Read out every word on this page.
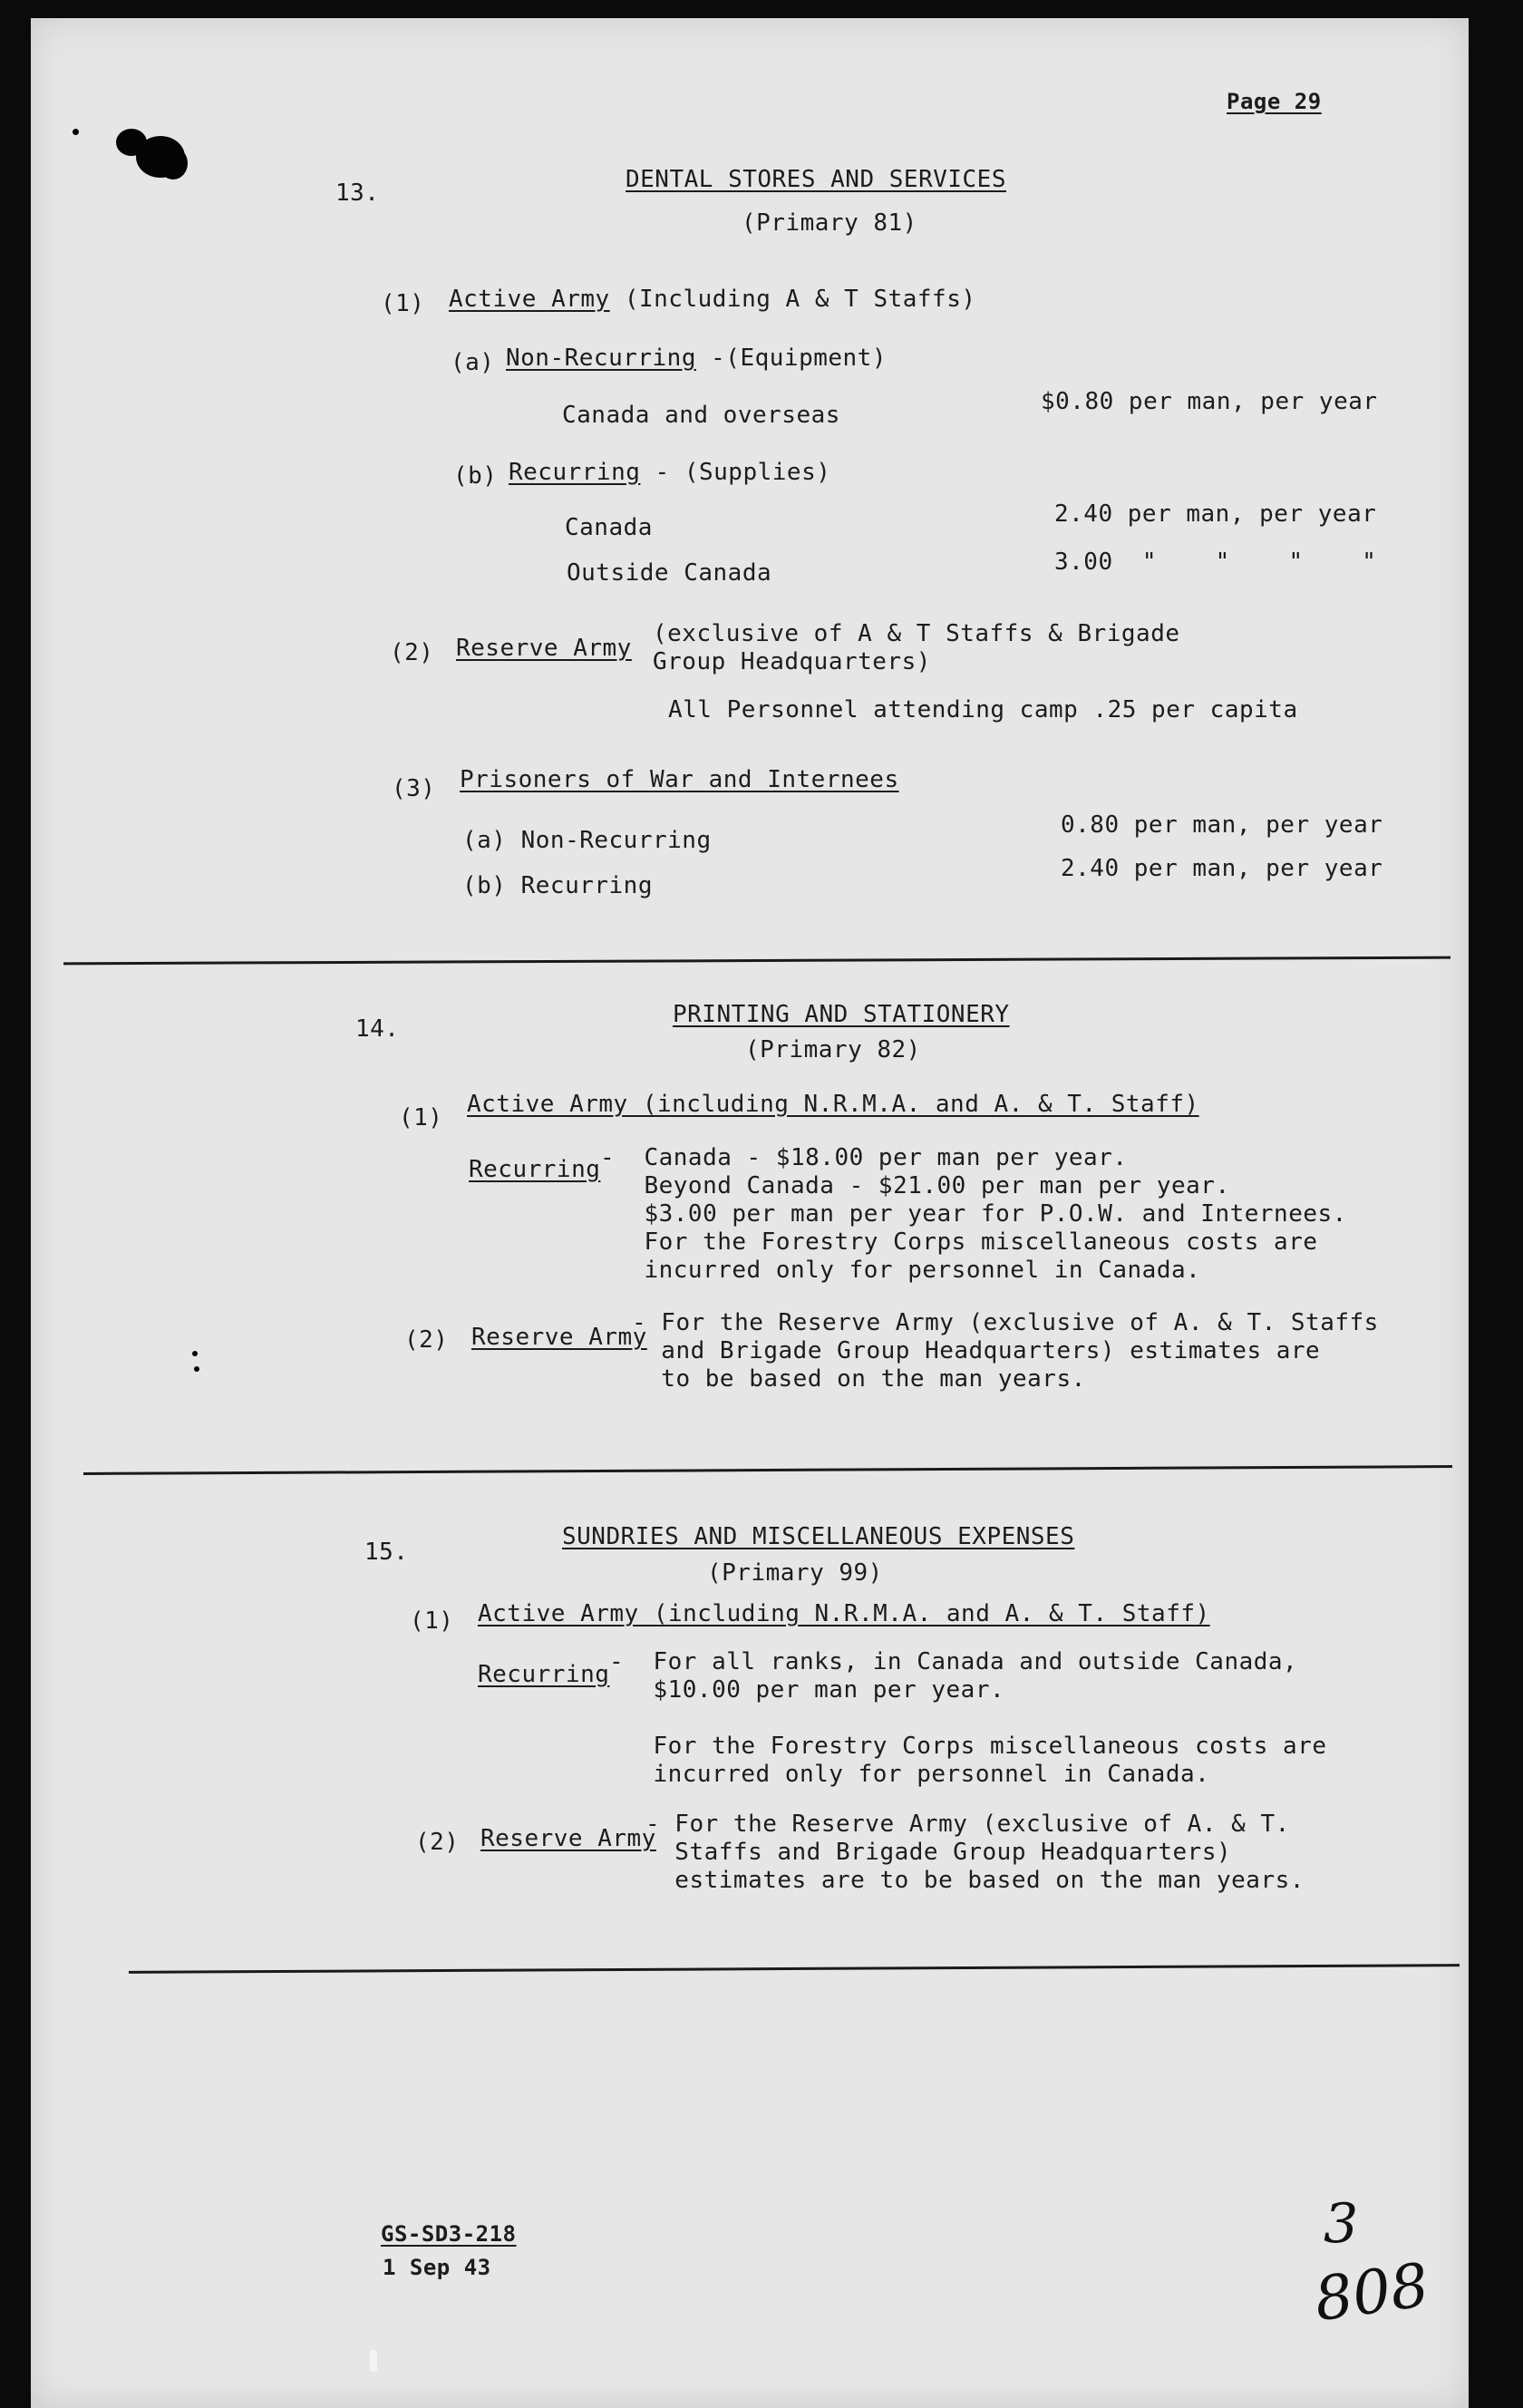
Page 29
13.	DENTAL STORES AND SERVICES
(Primary 81)
(1) Active Army (Including A & T Staffs)
(a) Non-Recurring -(Equipment)
Canada and overseas	$0.80 per man, per year
(b) Recurring - (Supplies)
Canada	2.40 per man, per year
Outside Canada	3.00  "    "    "    "
(2) Reserve Army
(exclusive of A & T Staffs & Brigade
Group Headquarters)
All Personnel attending camp .25 per capita
(3) Prisoners of War and Internees
(a) Non-Recurring
0.80 per man, per year
(b) Recurring
2.40 per man, per year
14.
PRINTING AND STATIONERY
(Primary 82)
(1) Active Army (including N.R.M.A. and A. & T. Staff)
Recurring -  Canada - $18.00 per man per year.
Beyond Canada - $21.00 per man per year.
$3.00 per man per year for P.O.W. and Internees.
For the Forestry Corps miscellaneous costs are
incurred only for personnel in Canada.
(2) Reserve Army
- For the Reserve Army (exclusive of A. & T. Staffs
and Brigade Group Headquarters) estimates are
to be based on the man years.
15.
SUNDRIES AND MISCELLANEOUS EXPENSES
(Primary 99)
(1) Active Army (including N.R.M.A. and A. & T. Staff)
Recurring -  For all ranks, in Canada and outside Canada,
$10.00 per man per year.

For the Forestry Corps miscellaneous costs are
incurred only for personnel in Canada.
(2) Reserve Army
- For the Reserve Army (exclusive of A. & T.
Staffs and Brigade Group Headquarters)
estimates are to be based on the man years.
GS-SD3-218
1 Sep 43
3
808
